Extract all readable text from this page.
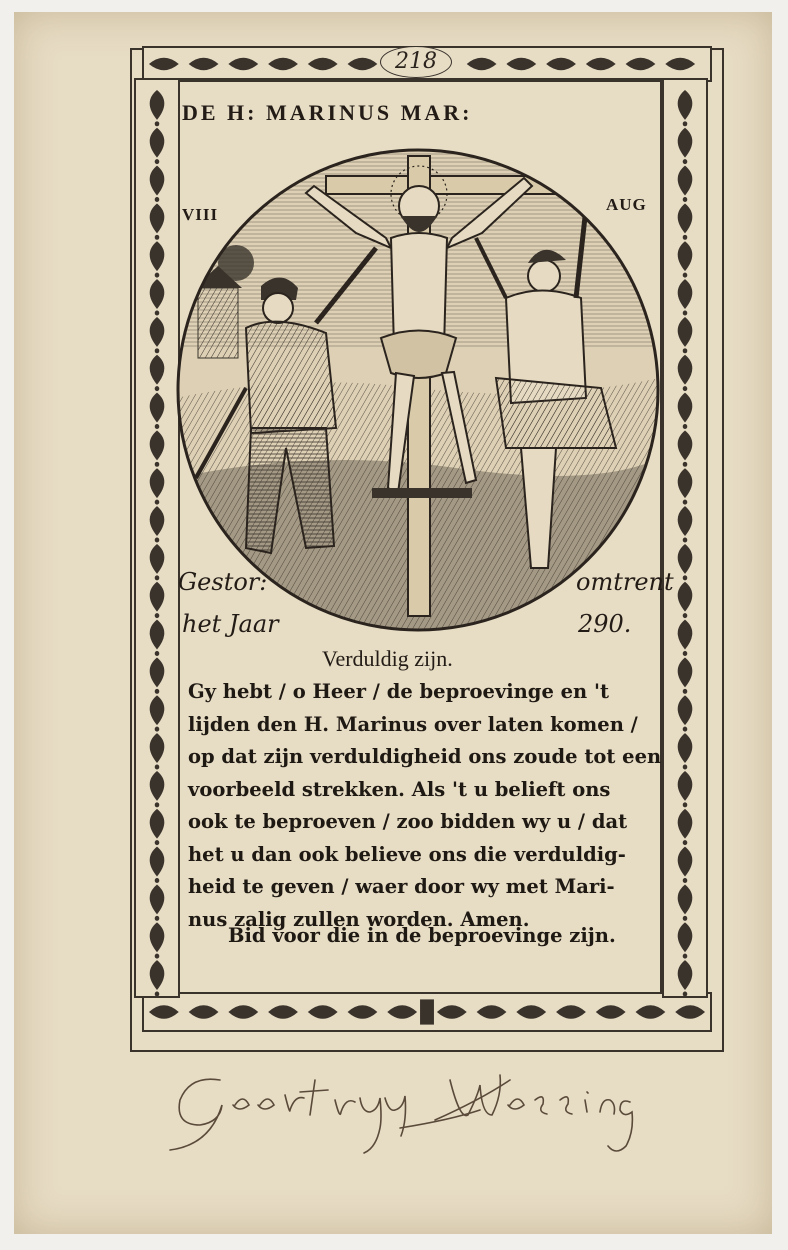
218
DE H: MARINUS MAR:
VIII
AUG
Gestor:	omtrent
het Jaar	290.
Verduldig zijn.
Gy hebt / o Heer / de beproevinge en 't
lijden den H. Marinus over laten komen /
op dat zijn verduldigheid ons zoude tot een
voorbeeld strekken. Als 't u belieft ons
ook te beproeven / zoo bidden wy u / dat
het u dan ook believe ons die verduldig-
heid te geven / waer door wy met Mari-
nus zalig zullen worden. Amen.
Bid voor die in de beproevinge zijn.
